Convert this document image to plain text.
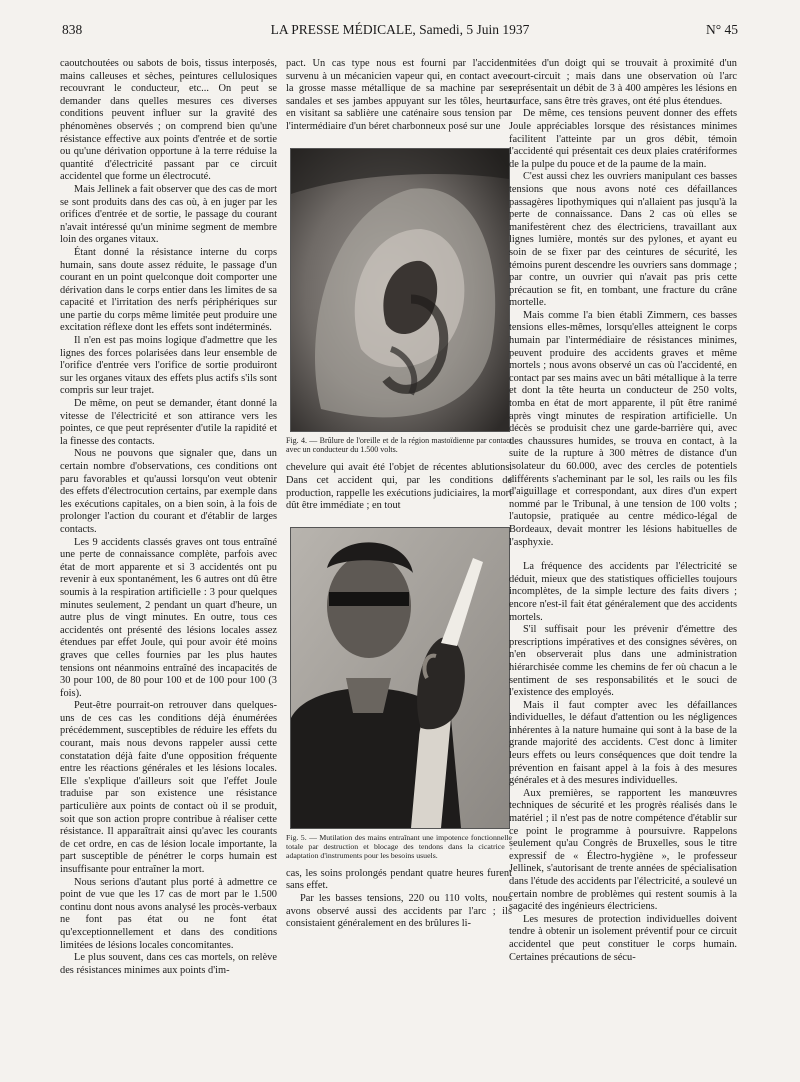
838	LA PRESSE MÉDICALE, Samedi, 5 Juin 1937	N° 45

caoutchoutées ou sabots de bois, tissus interposés, mains calleuses et sèches, peintures cellulosiques recouvrant le conducteur, etc... On peut se demander dans quelles mesures ces diverses conditions peuvent influer sur la gravité des phénomènes observés ; on comprend bien qu'une résistance effective aux points d'entrée et de sortie ou qu'une dérivation opportune à la terre réduise la quantité d'électricité passant par ce circuit accidentel que forme un électrocuté.

Mais Jellinek a fait observer que des cas de mort se sont produits dans des cas où, à en juger par les orifices d'entrée et de sortie, le passage du courant n'avait intéressé qu'un minime segment de membre loin des organes vitaux.

Étant donné la résistance interne du corps humain, sans doute assez réduite, le passage d'un courant en un point quelconque doit comporter une dérivation dans le corps entier dans les limites de sa capacité et l'irritation des nerfs périphériques sur une partie du corps même limitée peut produire une excitation réflexe dont les effets sont indéterminés.

Il n'en est pas moins logique d'admettre que les lignes des forces polarisées dans leur ensemble de l'orifice d'entrée vers l'orifice de sortie produiront sur les organes vitaux des effets plus actifs s'ils sont compris sur leur trajet.

De même, on peut se demander, étant donné la vitesse de l'électricité et son attirance vers les pointes, ce que peut représenter d'utile la rapidité et la finesse des contacts.

Nous ne pouvons que signaler que, dans un certain nombre d'observations, ces conditions ont paru favorables et qu'aussi lorsqu'on veut obtenir des effets d'électrocution certains, par exemple dans les exécutions capitales, on a bien soin, à la fois de prolonger l'action du courant et d'établir de larges contacts.

Les 9 accidents classés graves ont tous entraîné une perte de connaissance complète, parfois avec état de mort apparente et si 3 accidentés ont pu revenir à eux spontanément, les 6 autres ont dû être soumis à la respiration artificielle : 3 pour quelques minutes seulement, 2 pendant un quart d'heure, un autre plus de vingt minutes. En outre, tous ces accidentés ont présenté des lésions locales assez étendues par effet Joule, qui pour avoir été moins graves que celles fournies par les plus hautes tensions ont néanmoins entraîné des incapacités de 30 pour 100, de 80 pour 100 et de 100 pour 100 (3 fois).

Peut-être pourrait-on retrouver dans quelques-uns de ces cas les conditions déjà énumérées précédemment, susceptibles de réduire les effets du courant, mais nous devons rappeler aussi cette constatation déjà faite d'une opposition fréquente entre les réactions générales et les lésions locales. Elle s'explique d'ailleurs soit que l'effet Joule traduise par son existence une résistance particulière aux points de contact où il se produit, soit que son action propre contribue à réaliser cette résistance. Il apparaîtrait ainsi qu'avec les courants de cet ordre, en cas de lésion locale importante, la part susceptible de pénétrer le corps humain est insuffisante pour entraîner la mort.

Nous serions d'autant plus porté à admettre ce point de vue que les 17 cas de mort par le 1.500 continu dont nous avons analysé les procès-verbaux ne font pas état ou ne font état qu'exceptionnellement et dans des conditions limitées de lésions locales concomitantes.

Le plus souvent, dans ces cas mortels, on relève des résistances minimes aux points d'im-

pact. Un cas type nous est fourni par l'accident survenu à un mécanicien vapeur qui, en contact avec la grosse masse métallique de sa machine par ses sandales et ses jambes appuyant sur les tôles, heurta en visitant sa sablière une caténaire sous tension par l'intermédiaire d'un béret charbonneux posé sur une

Fig. 4. — Brûlure de l'oreille et de la région mastoïdienne par contact avec un conducteur du 1.500 volts.

chevelure qui avait été l'objet de récentes ablutions. Dans cet accident qui, par les conditions de production, rappelle les exécutions judiciaires, la mort dût être immédiate ; en tout

Fig. 5. — Mutilation des mains entraînant une impotence fonctionnelle totale par destruction et blocage des tendons dans la cicatrice ; adaptation d'instruments pour les besoins usuels.

cas, les soins prolongés pendant quatre heures furent sans effet.

Par les basses tensions, 220 ou 110 volts, nous avons observé aussi des accidents par l'arc ; ils consistaient généralement en des brûlures li-

mitées d'un doigt qui se trouvait à proximité d'un court-circuit ; mais dans une observation où l'arc représentait un débit de 3 à 400 ampères les lésions en surface, sans être très graves, ont été plus étendues.

De même, ces tensions peuvent donner des effets Joule appréciables lorsque des résistances minimes facilitent l'atteinte par un gros débit, témoin l'accidenté qui présentait ces deux plaies cratériformes de la pulpe du pouce et de la paume de la main.

C'est aussi chez les ouvriers manipulant ces basses tensions que nous avons noté ces défaillances passagères lipothymiques qui n'allaient pas jusqu'à la perte de connaissance. Dans 2 cas où elles se manifestèrent chez des électriciens, travaillant aux lignes lumière, montés sur des pylones, et ayant eu soin de se fixer par des ceintures de sécurité, les témoins purent descendre les ouvriers sans dommage ; par contre, un ouvrier qui n'avait pas pris cette précaution se fit, en tombant, une fracture du crâne mortelle.

Mais comme l'a bien établi Zimmern, ces basses tensions elles-mêmes, lorsqu'elles atteignent le corps humain par l'intermédiaire de résistances minimes, peuvent produire des accidents graves et même mortels ; nous avons observé un cas où l'accidenté, en contact par ses mains avec un bâti métallique à la terre et dont la tête heurta un conducteur de 250 volts, tomba en état de mort apparente, il pût être ranimé après vingt minutes de respiration artificielle. Un décès se produisit chez une garde-barrière qui, avec des chaussures humides, se trouva en contact, à la suite de la rupture à 300 mètres de distance d'un isolateur du 60.000, avec des cercles de potentiels différents s'acheminant par le sol, les rails ou les fils d'aiguillage et correspondant, aux dires d'un expert nommé par le Tribunal, à une tension de 100 volts ; l'autopsie, pratiquée au centre médico-légal de Bordeaux, devait montrer les lésions habituelles de l'asphyxie.

La fréquence des accidents par l'électricité se déduit, mieux que des statistiques officielles toujours incomplètes, de la simple lecture des faits divers ; encore n'est-il fait état généralement que des accidents mortels.

S'il suffisait pour les prévenir d'émettre des prescriptions impératives et des consignes sévères, on n'en observerait plus dans une administration hiérarchisée comme les chemins de fer où chacun a le sentiment de ses responsabilités et le souci de l'existence des employés.

Mais il faut compter avec les défaillances individuelles, le défaut d'attention ou les négligences inhérentes à la nature humaine qui sont à la base de la grande majorité des accidents. C'est donc à limiter leurs effets ou leurs conséquences que doit tendre la prévention en faisant appel à la fois à des mesures générales et à des mesures individuelles.

Aux premières, se rapportent les manœuvres techniques de sécurité et les progrès réalisés dans le matériel ; il n'est pas de notre compétence d'établir sur ce point le programme à poursuivre. Rappelons seulement qu'au Congrès de Bruxelles, sous le titre expressif de « Électro-hygiène », le professeur Jellinek, s'autorisant de trente années de spécialisation dans l'étude des accidents par l'électricité, a soulevé un certain nombre de problèmes qui restent soumis à la sagacité des ingénieurs électriciens.

Les mesures de protection individuelles doivent tendre à obtenir un isolement préventif pour ce circuit accidentel que peut constituer le corps humain. Certaines précautions de sécu-
